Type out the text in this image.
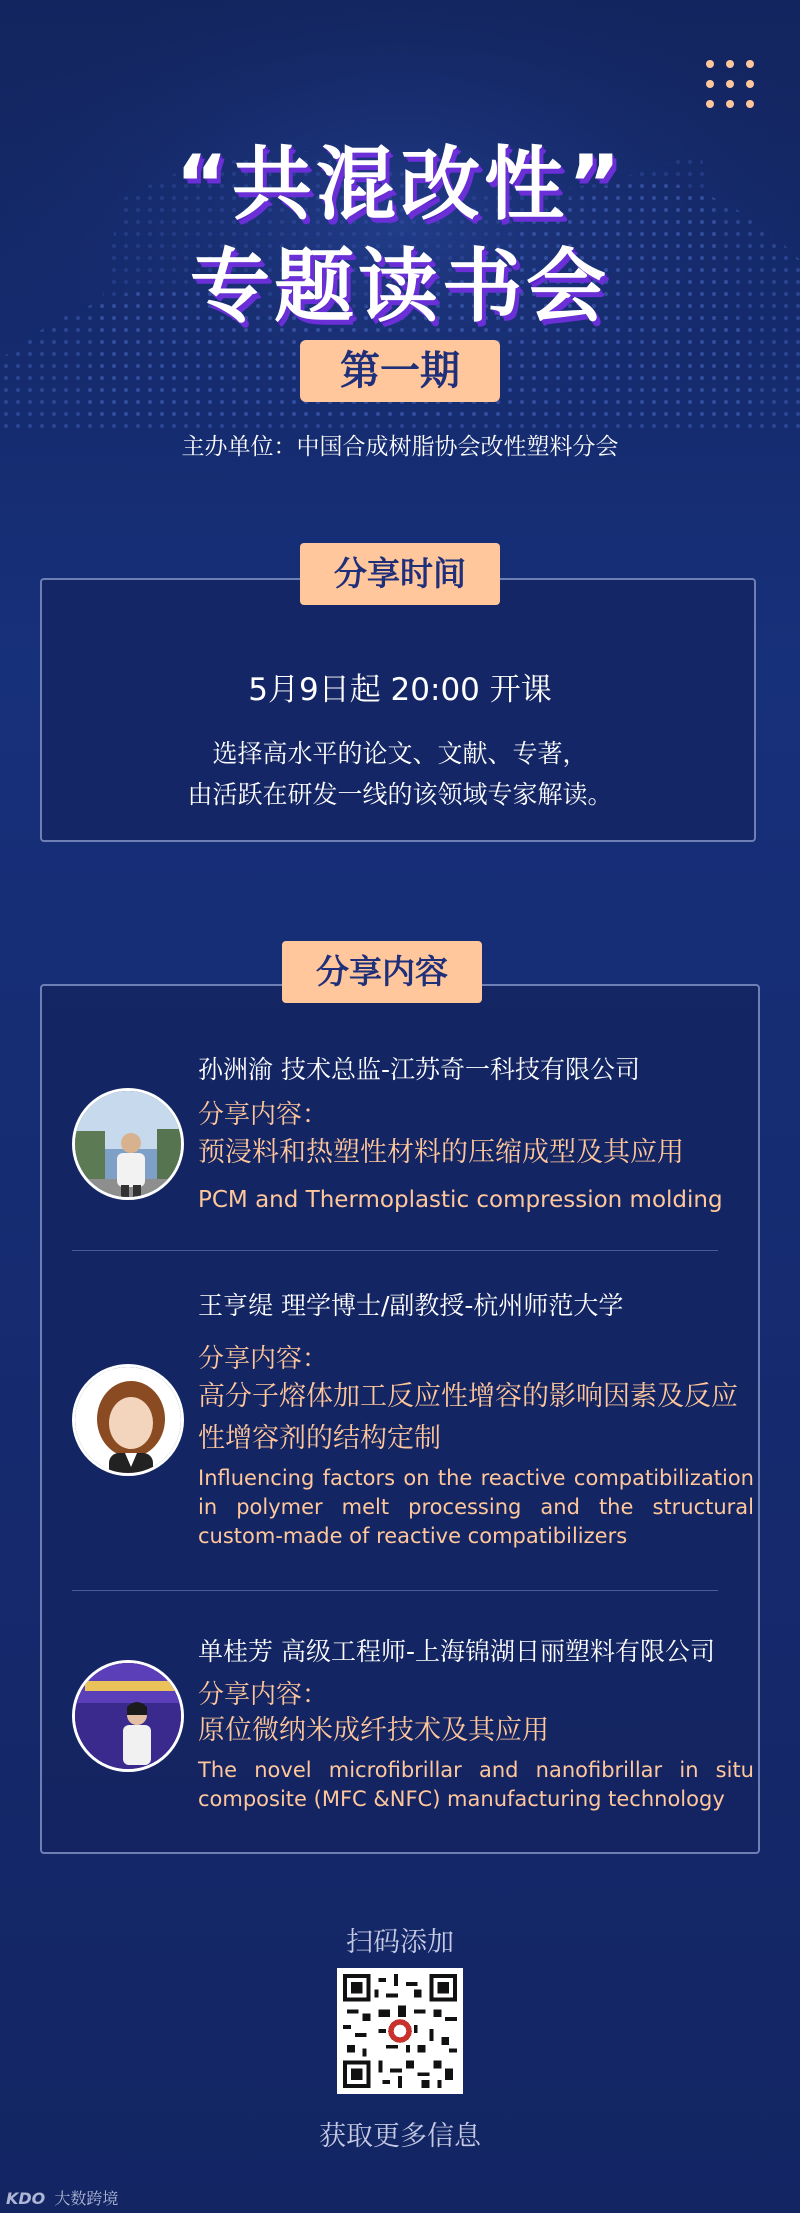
“共混改性”
专题读书会
第一期
主办单位：中国合成树脂协会改性塑料分会
分享时间
5月9日起 20:00 开课
选择高水平的论文、文献、专著，
由活跃在研发一线的该领域专家解读。
分享内容
孙洲渝 技术总监-江苏奇一科技有限公司
分享内容：
预浸料和热塑性材料的压缩成型及其应用
PCM and Thermoplastic compression molding
王亨缇 理学博士/副教授-杭州师范大学
分享内容：
高分子熔体加工反应性增容的影响因素及反应性增容剂的结构定制
Influencing factors on the reactive compatibilization in polymer melt processing and the structural custom-made of reactive compatibilizers
单桂芳 高级工程师-上海锦湖日丽塑料有限公司
分享内容：
原位微纳米成纤技术及其应用
The novel microfibrillar and nanofibrillar in situ composite (MFC &NFC) manufacturing technology
扫码添加
获取更多信息
KDO 大数跨境
